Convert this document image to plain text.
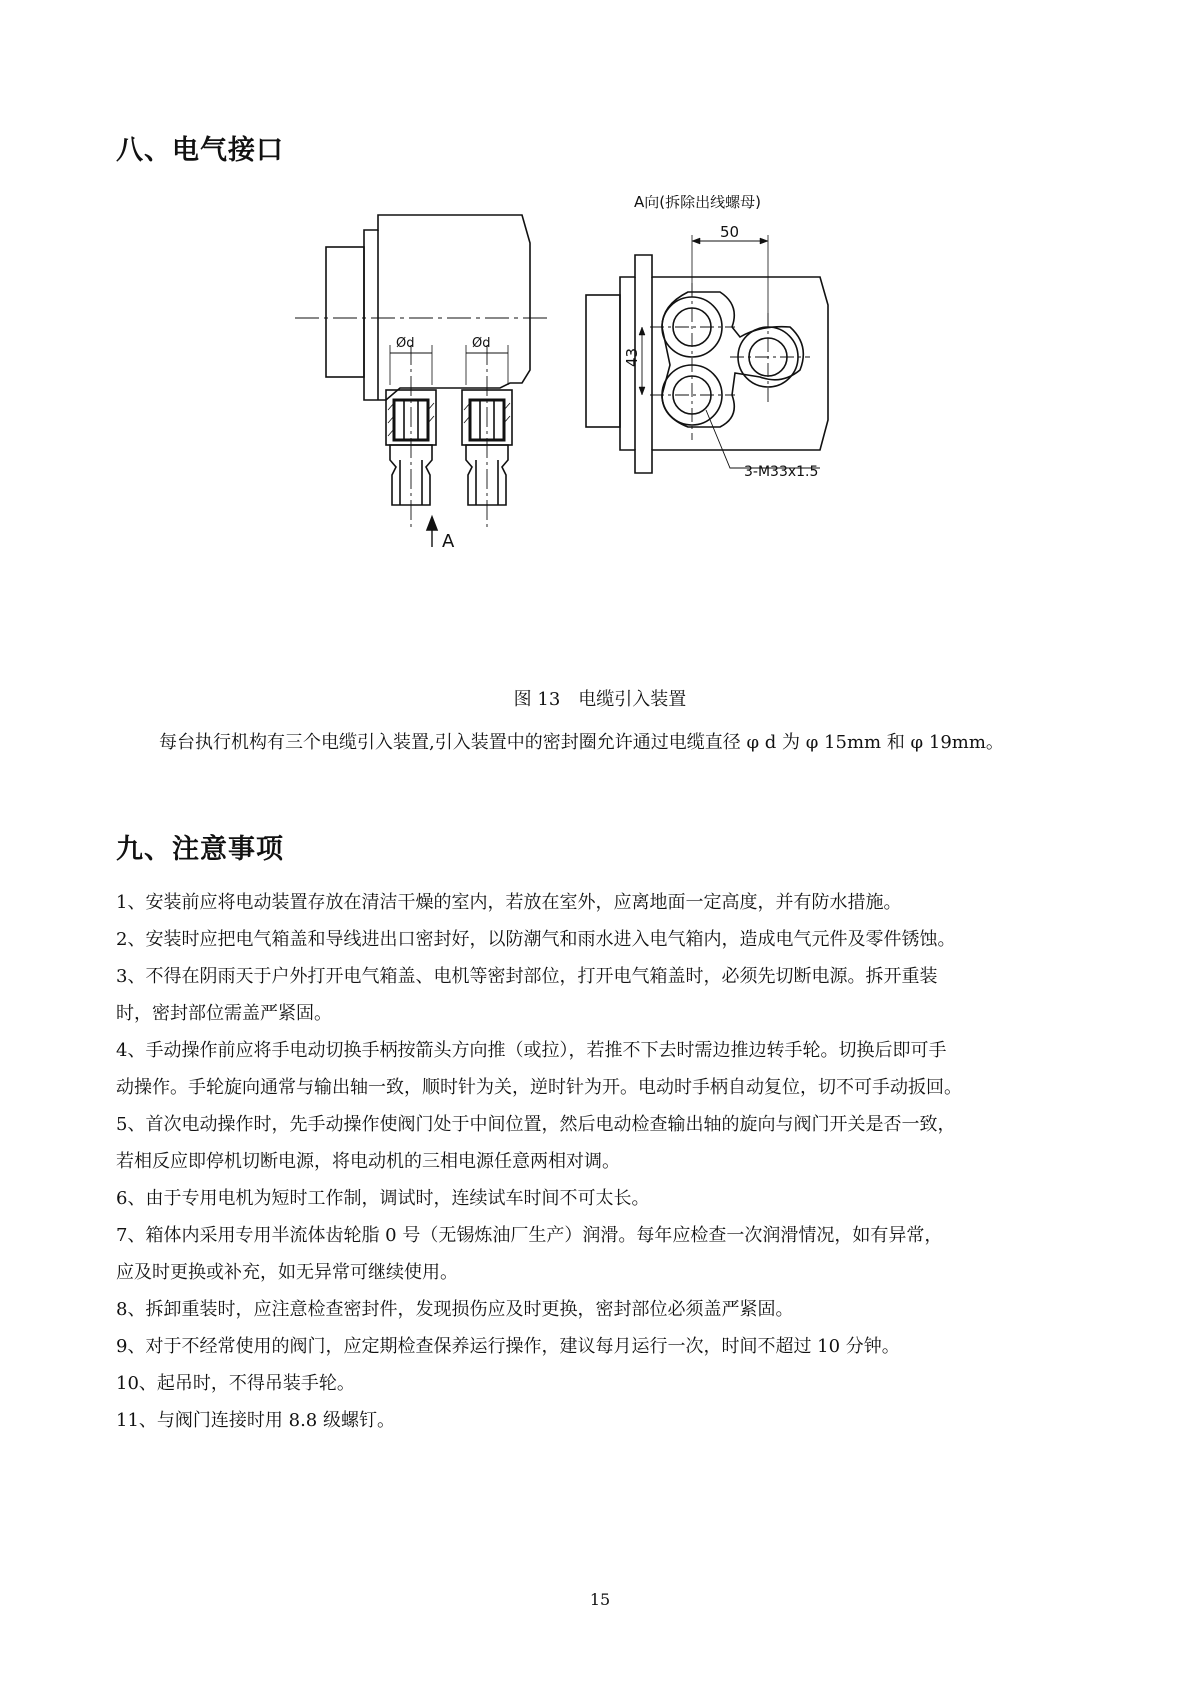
八、电气接口
A向(拆除出线螺母)
50
43
3-M33x1.5
Ød	Ød
A
图 13　电缆引入装置
每台执行机构有三个电缆引入装置,引入装置中的密封圈允许通过电缆直径 φ d 为 φ 15mm 和 φ 19mm。
九、注意事项
1、安装前应将电动装置存放在清洁干燥的室内，若放在室外，应离地面一定高度，并有防水措施。
2、安装时应把电气箱盖和导线进出口密封好，以防潮气和雨水进入电气箱内，造成电气元件及零件锈蚀。
3、不得在阴雨天于户外打开电气箱盖、电机等密封部位，打开电气箱盖时，必须先切断电源。拆开重装
时，密封部位需盖严紧固。
4、手动操作前应将手电动切换手柄按箭头方向推（或拉），若推不下去时需边推边转手轮。切换后即可手
动操作。手轮旋向通常与输出轴一致，顺时针为关，逆时针为开。电动时手柄自动复位，切不可手动扳回。
5、首次电动操作时，先手动操作使阀门处于中间位置，然后电动检查输出轴的旋向与阀门开关是否一致，
若相反应即停机切断电源，将电动机的三相电源任意两相对调。
6、由于专用电机为短时工作制，调试时，连续试车时间不可太长。
7、箱体内采用专用半流体齿轮脂 0 号（无锡炼油厂生产）润滑。每年应检查一次润滑情况，如有异常，
应及时更换或补充，如无异常可继续使用。
8、拆卸重装时，应注意检查密封件，发现损伤应及时更换，密封部位必须盖严紧固。
9、对于不经常使用的阀门，应定期检查保养运行操作，建议每月运行一次，时间不超过 10 分钟。
10、起吊时，不得吊装手轮。
11、与阀门连接时用 8.8 级螺钉。
15
